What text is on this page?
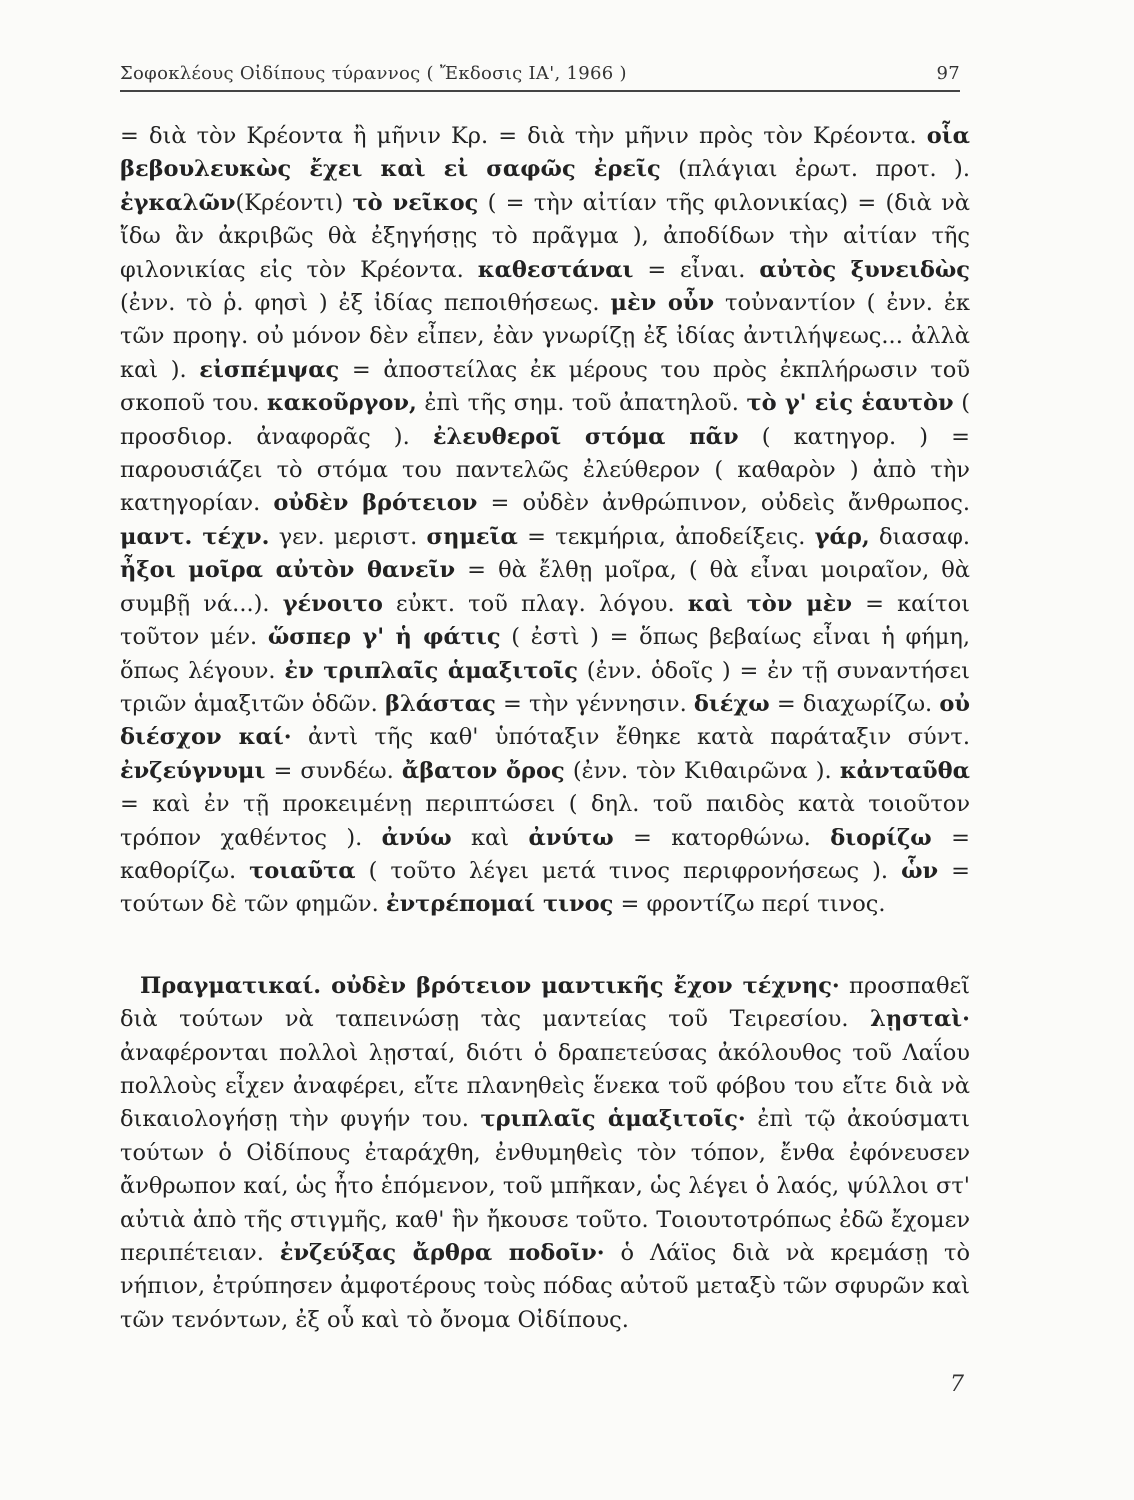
Σοφοκλέους Οἰδίπους τύραννος ( Ἔκδοσις ΙΑ', 1966 )	97

= διὰ τὸν Κρέοντα ἢ μῆνιν Κρ. = διὰ τὴν μῆνιν πρὸς τὸν Κρέοντα. οἷα βεβουλευκὼς ἔχει καὶ εἰ σαφῶς ἐρεῖς (πλάγιαι ἐρωτ. προτ. ). ἐγκαλῶν(Κρέοντι) τὸ νεῖκος ( = τὴν αἰτίαν τῆς φιλονικίας) = (διὰ νὰ ἴδω ἂν ἀκριβῶς θὰ ἐξηγήσῃς τὸ πρᾶγμα ), ἀποδίδων τὴν αἰτίαν τῆς φιλονικίας εἰς τὸν Κρέοντα. καθεστάναι = εἶναι. αὐτὸς ξυνειδὼς (ἐνν. τὸ ῥ. φησὶ ) ἐξ ἰδίας πεποιθήσεως. μὲν οὖν τοὐναντίον ( ἐνν. ἐκ τῶν προηγ. οὐ μόνον δὲν εἶπεν, ἐὰν γνωρίζῃ ἐξ ἰδίας ἀντιλήψεως... ἀλλὰ καὶ ). εἰσπέμψας = ἀποστείλας ἐκ μέρους του πρὸς ἐκπλήρωσιν τοῦ σκοποῦ του. κακοῦργον, ἐπὶ τῆς σημ. τοῦ ἀπατηλοῦ. τὸ γ' εἰς ἑαυτὸν ( προσδιορ. ἀναφορᾶς ). ἐλευθεροῖ στόμα πᾶν ( κατηγορ. ) = παρουσιάζει τὸ στόμα του παντελῶς ἐλεύθερον ( καθαρὸν ) ἀπὸ τὴν κατηγορίαν. οὐδὲν βρότειον = οὐδὲν ἀνθρώπινον, οὐδεὶς ἄνθρωπος. μαντ. τέχν. γεν. μεριστ. σημεῖα = τεκμήρια, ἀποδείξεις. γάρ, διασαφ. ἦξοι μοῖρα αὐτὸν θανεῖν = θὰ ἔλθῃ μοῖρα, ( θὰ εἶναι μοιραῖον, θὰ συμβῇ νά...). γένοιτο εὐκτ. τοῦ πλαγ. λόγου. καὶ τὸν μὲν = καίτοι τοῦτον μέν. ὥσπερ γ' ἡ φάτις ( ἐστὶ ) = ὅπως βεβαίως εἶναι ἡ φήμη, ὅπως λέγουν. ἐν τριπλαῖς ἁμαξιτοῖς (ἐνν. ὁδοῖς ) = ἐν τῇ συναντήσει τριῶν ἁμαξιτῶν ὁδῶν. βλάστας = τὴν γέννησιν. διέχω = διαχωρίζω. οὐ διέσχον καί· ἀντὶ τῆς καθ' ὑπόταξιν ἔθηκε κατὰ παράταξιν σύντ. ἐνζεύγνυμι = συνδέω. ἄβατον ὄρος (ἐνν. τὸν Κιθαιρῶνα ). κἀνταῦθα = καὶ ἐν τῇ προκειμένῃ περιπτώσει ( δηλ. τοῦ παιδὸς κατὰ τοιοῦτον τρόπον χαθέντος ). ἀνύω καὶ ἀνύτω = κατορθώνω. διορίζω = καθορίζω. τοιαῦτα ( τοῦτο λέγει μετά τινος περιφρονήσεως ). ὧν = τούτων δὲ τῶν φημῶν. ἐντρέπομαί τινος = φροντίζω περί τινος.

Πραγματικαί. οὐδὲν βρότειον μαντικῆς ἔχον τέχνης· προσπαθεῖ διὰ τούτων νὰ ταπεινώσῃ τὰς μαντείας τοῦ Τειρεσίου. λῃσταὶ· ἀναφέρονται πολλοὶ λῃσταί, διότι ὁ δραπετεύσας ἀκόλουθος τοῦ Λαΐου πολλοὺς εἶχεν ἀναφέρει, εἴτε πλανηθεὶς ἕνεκα τοῦ φόβου του εἴτε διὰ νὰ δικαιολογήσῃ τὴν φυγήν του. τριπλαῖς ἁμαξιτοῖς· ἐπὶ τῷ ἀκούσματι τούτων ὁ Οἰδίπους ἐταράχθη, ἐνθυμηθεὶς τὸν τόπον, ἔνθα ἐφόνευσεν ἄνθρωπον καί, ὡς ἦτο ἑπόμενον, τοῦ μπῆκαν, ὡς λέγει ὁ λαός, ψύλλοι στ' αὐτιὰ ἀπὸ τῆς στιγμῆς, καθ' ἣν ἤκουσε τοῦτο. Τοιουτοτρόπως ἐδῶ ἔχομεν περιπέτειαν. ἐνζεύξας ἄρθρα ποδοῖν· ὁ Λάϊος διὰ νὰ κρεμάσῃ τὸ νήπιον, ἐτρύπησεν ἀμφοτέρους τοὺς πόδας αὐτοῦ μεταξὺ τῶν σφυρῶν καὶ τῶν τενόντων, ἐξ οὗ καὶ τὸ ὄνομα Οἰδίπους.

7
